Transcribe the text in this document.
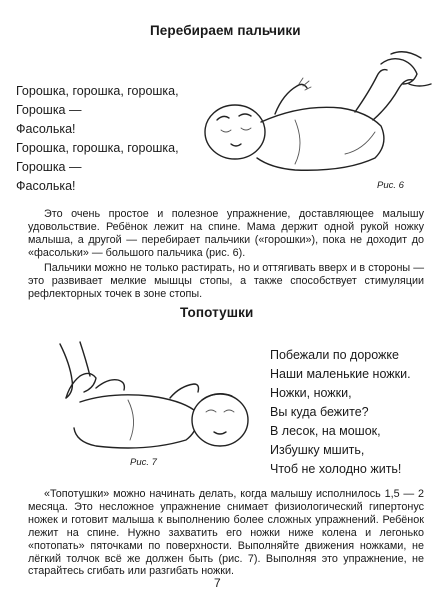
Перебираем пальчики
Горошка, горошка, горошка,
Горошка —
Фасолька!
Горошка, горошка, горошка,
Горошка —
Фасолька!	Рис. 6
Это очень простое и полезное упражнение, доставляющее малышу удовольствие. Ребёнок лежит на спине. Мама держит одной рукой ножку малыша, а другой — перебирает пальчики («горошки»), пока не доходит до «фасольки» — большого пальчика (рис. 6).
Пальчики можно не только растирать, но и оттягивать вверх и в стороны — это развивает мелкие мышцы стопы, а также способствует стимуляции рефлекторных точек в зоне стопы.
Топотушки
Рис. 7
Побежали по дорожке
Наши маленькие ножки.
Ножки, ножки,
Вы куда бежите?
В лесок, на мошок,
Избушку мшить,
Чтоб не холодно жить!
«Топотушки» можно начинать делать, когда малышу исполнилось 1,5 — 2 месяца. Это несложное упражнение снимает физиологический гипертонус ножек и готовит малыша к выполнению более сложных упражнений. Ребёнок лежит на спине. Нужно захватить его ножки ниже колена и легонько «потопать» пяточками по поверхности. Выполняйте движения ножками, не лёгкий толчок всё же должен быть (рис. 7). Выполняя это упражнение, не старайтесь сгибать или разгибать ножки.
7
